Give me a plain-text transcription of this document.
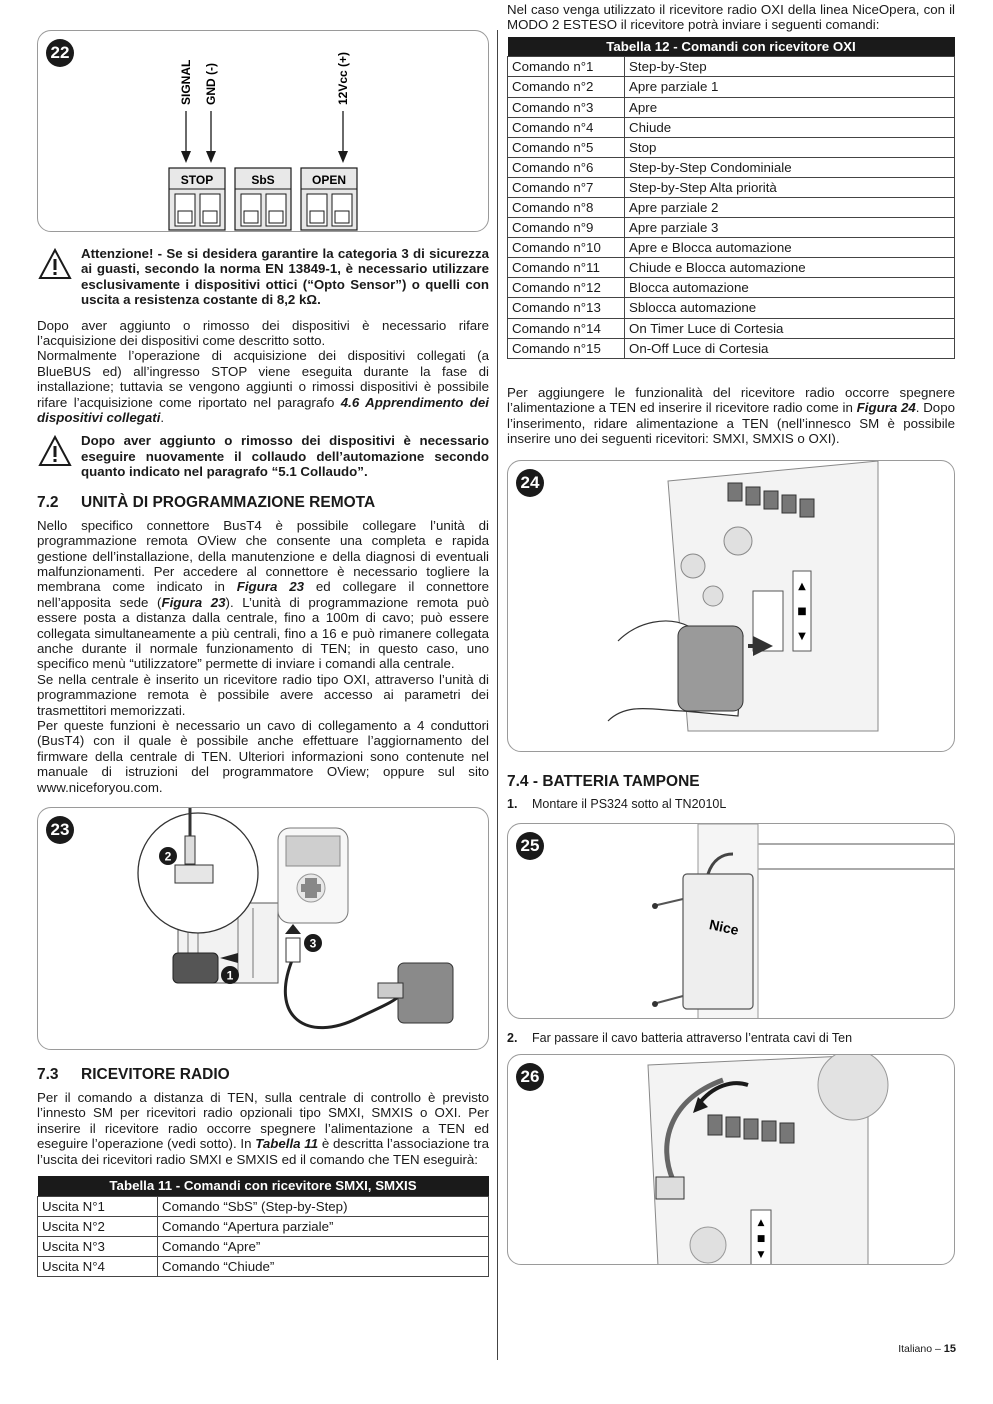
22
STOP	SbS	OPEN
SIGNAL GND (-)	12Vcc (+)

Attenzione! - Se si desidera garantire la categoria 3 di sicurezza ai guasti, secondo la norma EN 13849-1, è necessario utilizzare esclusivamente i dispositivi ottici (“Opto Sensor”) o quelli con uscita a resistenza costante di 8,2 kΩ.

Dopo aver aggiunto o rimosso dei dispositivi è necessario rifare l’acquisizione dei dispositivi come descritto sotto.

Normalmente l’operazione di acquisizione dei dispositivi collegati (a BlueBUS ed) all’ingresso STOP viene eseguita durante la fase di installazione; tuttavia se vengono aggiunti o rimossi dispositivi è possibile rifare l’acquisizione come riportato nel paragrafo 4.6 Apprendimento dei dispositivi collegati.

Dopo aver aggiunto o rimosso dei dispositivi è necessario eseguire nuovamente il collaudo dell’automazione secondo quanto indicato nel paragrafo “5.1 Collaudo”.

7.2 UNITÀ DI PROGRAMMAZIONE REMOTA

Nello specifico connettore BusT4 è possibile collegare l’unità di programmazione remota OView che consente una completa e rapida gestione dell’installazione, della manutenzione e della diagnosi di eventuali malfunzionamenti. Per accedere al connettore è necessario togliere la membrana come indicato in Figura 23 ed collegare il connettore nell’apposita sede (Figura 23). L’unità di programmazione remota può essere posta a distanza dalla centrale, fino a 100m di cavo; può essere collegata simultaneamente a più centrali, fino a 16 e può rimanere collegata anche durante il normale funzionamento di TEN; in questo caso, uno specifico menù “utilizzatore” permette di inviare i comandi alla centrale.

Se nella centrale è inserito un ricevitore radio tipo OXI, attraverso l’unità di programmazione remota è possibile avere accesso ai parametri dei trasmettitori memorizzati.

Per queste funzioni è necessario un cavo di collegamento a 4 conduttori (BusT4) con il quale è possibile anche effettuare l’aggiornamento del firmware della centrale di TEN. Ulteriori informazioni sono contenute nel manuale di istruzioni del programmatore OView; oppure sul sito www.niceforyou.com.

23
2
1
3
7.3 RICEVITORE RADIO

Per il comando a distanza di TEN, sulla centrale di controllo è previsto l’innesto SM per ricevitori radio opzionali tipo SMXI, SMXIS o OXI. Per inserire il ricevitore radio occorre spegnere l’alimentazione a TEN ed eseguire l’operazione (vedi sotto). In Tabella 11 è descritta l’associazione tra l’uscita dei ricevitori radio SMXI e SMXIS ed il comando che TEN eseguirà:

Tabella 11 - Comandi con ricevitore SMXI, SMXIS	
Uscita N°1	Comando “SbS” (Step-by-Step)
Uscita N°2	Comando “Apertura parziale”
Uscita N°3	Comando “Apre”
Uscita N°4	Comando “Chiude”

Nel caso venga utilizzato il ricevitore radio OXI della linea NiceOpera, con il MODO 2 ESTESO il ricevitore potrà inviare i seguenti comandi:

Tabella 12 - Comandi con ricevitore OXI	
Comando n°1	Step-by-Step
Comando n°2	Apre parziale 1
Comando n°3	Apre
Comando n°4	Chiude
Comando n°5	Stop
Comando n°6	Step-by-Step Condominiale
Comando n°7	Step-by-Step Alta priorità
Comando n°8	Apre parziale 2
Comando n°9	Apre parziale 3
Comando n°10	Apre e Blocca automazione
Comando n°11	Chiude e Blocca automazione
Comando n°12	Blocca automazione
Comando n°13	Sblocca automazione
Comando n°14	On Timer Luce di Cortesia
Comando n°15	On-Off Luce di Cortesia

Per aggiungere le funzionalità del ricevitore radio occorre spegnere l’alimentazione a TEN ed inserire il ricevitore radio come in Figura 24. Dopo l’inserimento, ridare alimentazione a TEN (nell’innesco SM è possibile inserire uno dei seguenti ricevitori: SMXI, SMXIS o OXI).

24
▲
■
▼
7.4 - BATTERIA TAMPONE

1. Montare il PS324 sotto al TN2010L

25
Nice

2. Far passare il cavo batteria attraverso l’entrata cavi di Ten

26
▲
■
▼
Italiano – 15
